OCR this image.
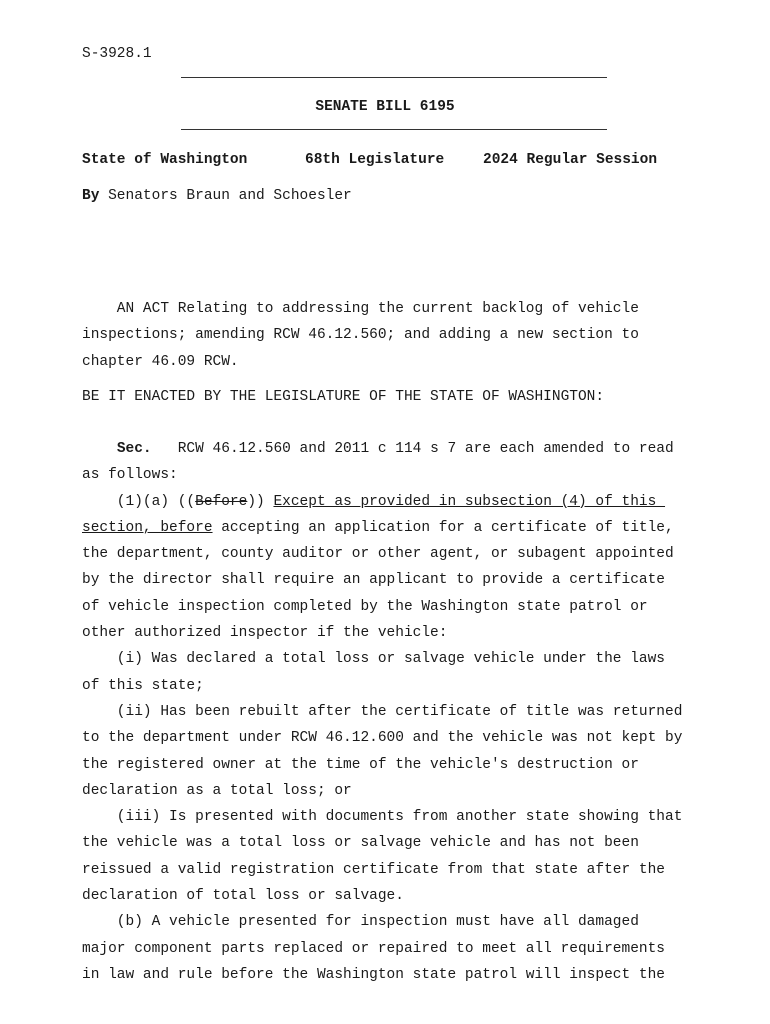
S-3928.1
SENATE BILL 6195
State of Washington	68th Legislature	2024 Regular Session
By Senators Braun and Schoesler
AN ACT Relating to addressing the current backlog of vehicle
inspections; amending RCW 46.12.560; and adding a new section to
chapter 46.09 RCW.
BE IT ENACTED BY THE LEGISLATURE OF THE STATE OF WASHINGTON:
Sec.   RCW 46.12.560 and 2011 c 114 s 7 are each amended to read
as follows:
(1)(a) ((Before)) Except as provided in subsection (4) of this
section, before accepting an application for a certificate of title,
the department, county auditor or other agent, or subagent appointed
by the director shall require an applicant to provide a certificate
of vehicle inspection completed by the Washington state patrol or
other authorized inspector if the vehicle:
(i) Was declared a total loss or salvage vehicle under the laws
of this state;
(ii) Has been rebuilt after the certificate of title was returned
to the department under RCW 46.12.600 and the vehicle was not kept by
the registered owner at the time of the vehicle's destruction or
declaration as a total loss; or
(iii) Is presented with documents from another state showing that
the vehicle was a total loss or salvage vehicle and has not been
reissued a valid registration certificate from that state after the
declaration of total loss or salvage.
(b) A vehicle presented for inspection must have all damaged
major component parts replaced or repaired to meet all requirements
in law and rule before the Washington state patrol will inspect the
